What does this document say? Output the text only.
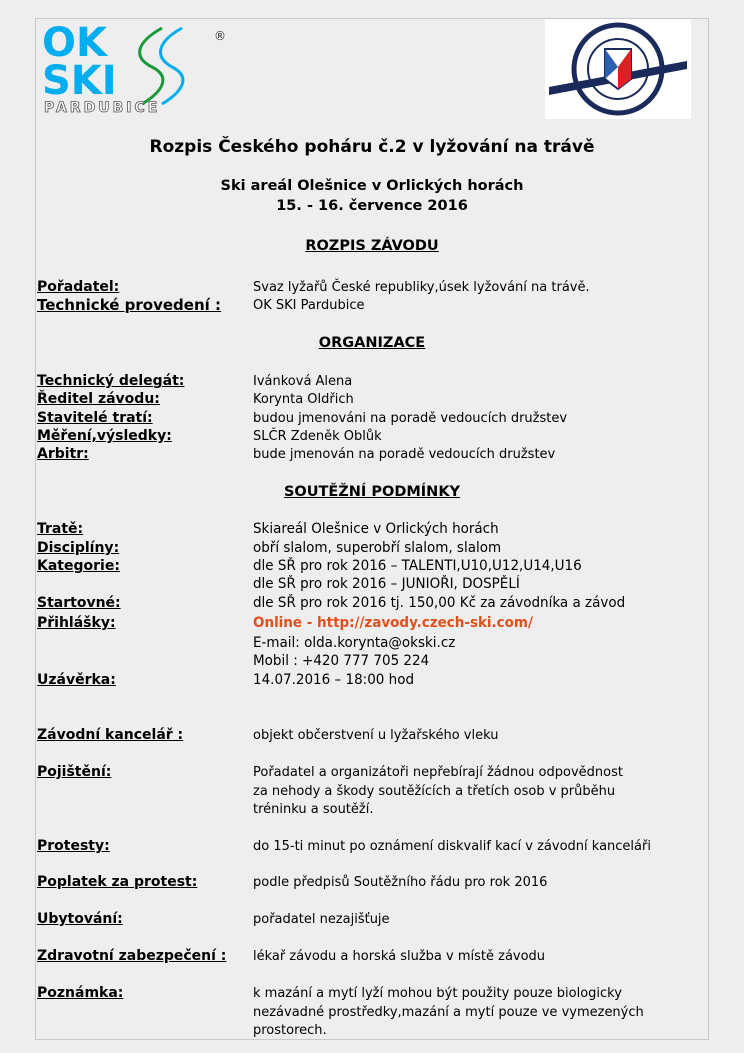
OK
SKI
®
PARDUBICE
Rozpis Českého poháru č.2 v lyžování na trávě
Ski areál Olešnice v Orlických horách
15. - 16. července 2016
ROZPIS ZÁVODU
Pořadatel:	Svaz lyžařů České republiky,úsek lyžování na trávě.
Technické provedení : OK SKI Pardubice
ORGANIZACE
Technický delegát:	Ivánková Alena
Ředitel závodu:	Korynta Oldřich
Stavitelé tratí:	budou jmenováni na poradě vedoucích družstev
Měření,výsledky:	SLČR Zdeněk Oblůk
Arbitr:	bude jmenován na poradě vedoucích družstev
SOUTĚŽNÍ PODMÍNKY
Tratě:	Skiareál Olešnice v Orlických horách
Disciplíny:	obří slalom, superobří slalom, slalom
Kategorie:	dle SŘ pro rok 2016 – TALENTI,U10,U12,U14,U16
dle SŘ pro rok 2016 – JUNIOŘI, DOSPĚLÍ
Startovné:	dle SŘ pro rok 2016 tj. 150,00 Kč za závodníka a závod
Přihlášky:	Online - http://zavody.czech-ski.com/
E-mail: olda.korynta@okski.cz
Mobil : +420 777 705 224
Uzávěrka:	14.07.2016 – 18:00 hod
Závodní kancelář :	objekt občerstvení u lyžařského vleku
Pojištění:	Pořadatel a organizátoři nepřebírají žádnou odpovědnost
za nehody a škody soutěžících a třetích osob v průběhu
tréninku a soutěží.
Protesty:	do 15-ti minut po oznámení diskvalif kací v závodní kanceláři
Poplatek za protest:	podle předpisů Soutěžního řádu pro rok 2016
Ubytování:	pořadatel nezajišťuje
Zdravotní zabezpečení : lékař závodu a horská služba v místě závodu
Poznámka:	k mazání a mytí lyží mohou být použity pouze biologicky
nezávadné prostředky,mazání a mytí pouze ve vymezených
prostorech.
